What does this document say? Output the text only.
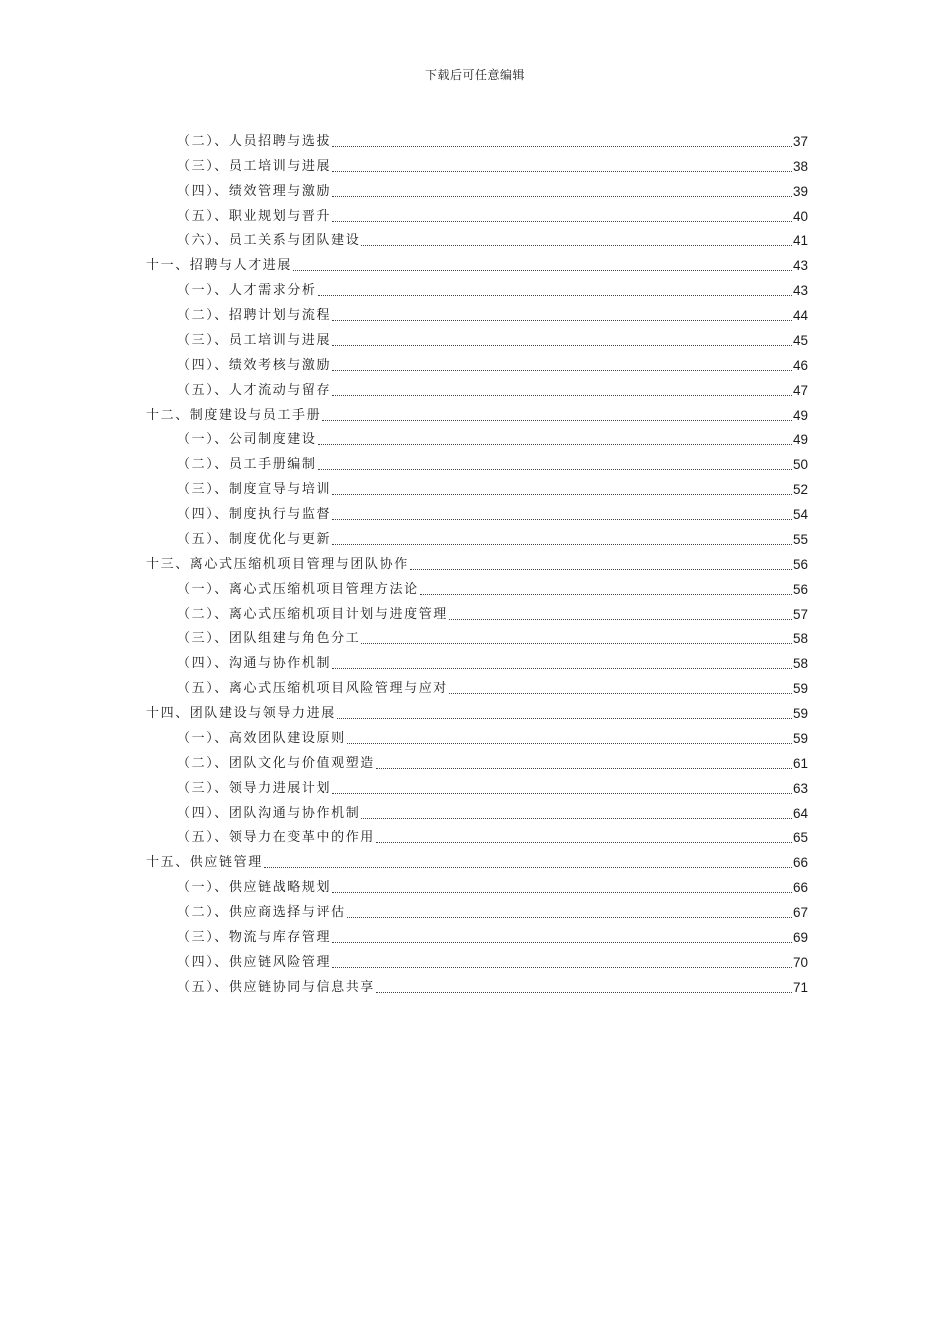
下载后可任意编辑
（二）、人员招聘与选拔	37
（三）、员工培训与进展	38
（四）、绩效管理与激励	39
（五）、职业规划与晋升	40
（六）、员工关系与团队建设	41
十一、招聘与人才进展	43
（一）、人才需求分析	43
（二）、招聘计划与流程	44
（三）、员工培训与进展	45
（四）、绩效考核与激励	46
（五）、人才流动与留存	47
十二、制度建设与员工手册	49
（一）、公司制度建设	49
（二）、员工手册编制	50
（三）、制度宣导与培训	52
（四）、制度执行与监督	54
（五）、制度优化与更新	55
十三、离心式压缩机项目管理与团队协作	56
（一）、离心式压缩机项目管理方法论	56
（二）、离心式压缩机项目计划与进度管理	57
（三）、团队组建与角色分工	58
（四）、沟通与协作机制	58
（五）、离心式压缩机项目风险管理与应对	59
十四、团队建设与领导力进展	59
（一）、高效团队建设原则	59
（二）、团队文化与价值观塑造	61
（三）、领导力进展计划	63
（四）、团队沟通与协作机制	64
（五）、领导力在变革中的作用	65
十五、供应链管理	66
（一）、供应链战略规划	66
（二）、供应商选择与评估	67
（三）、物流与库存管理	69
（四）、供应链风险管理	70
（五）、供应链协同与信息共享	71
